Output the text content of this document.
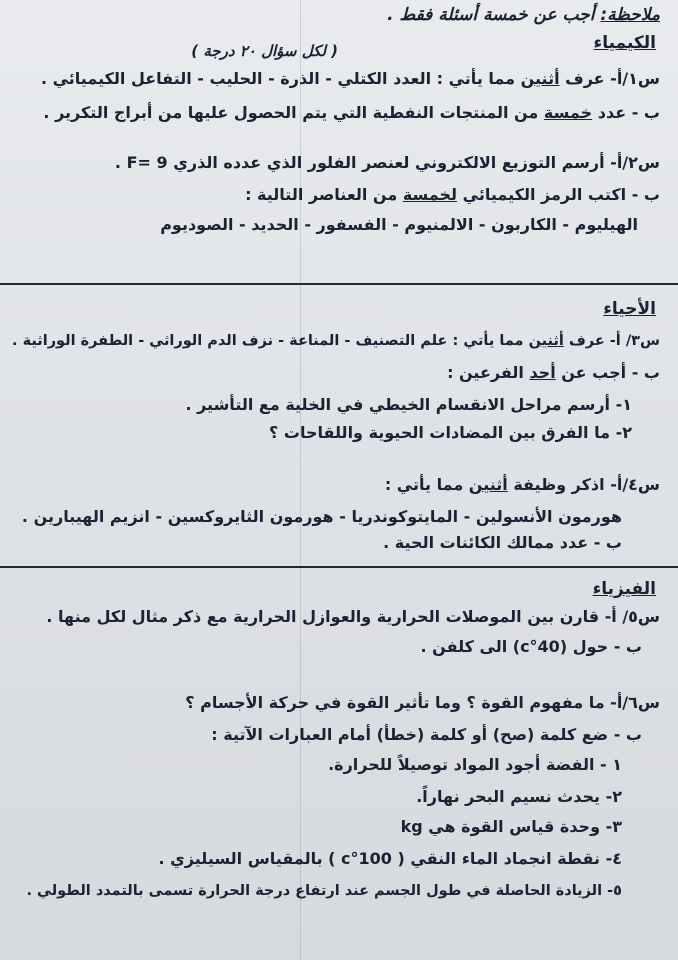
ملاحظة: أجب عن خمسة أسئلة فقط .
الكيمياء
( لكل سؤال ٢٠ درجة )
س١/أ- عرف أثنين مما يأتي : العدد الكتلي - الذرة - الحليب - التفاعل الكيميائي .
ب - عدد خمسة من المنتجات النفطية التي يتم الحصول عليها من أبراج التكرير .
س٢/أ- أرسم التوزيع الالكتروني لعنصر الفلور الذي عدده الذري F= 9 .
ب - اكتب الرمز الكيميائي لخمسة من العناصر التالية :
الهيليوم - الكاربون - الالمنيوم - الفسفور - الحديد - الصوديوم
الأحياء
س٣/ أ- عرف أثنين مما يأتي : علم التصنيف - المناعة - نزف الدم الوراثي - الطفرة الوراثية .
ب - أجب عن أحد الفرعين :
١- أرسم مراحل الانقسام الخيطي في الخلية مع التأشير .
٢- ما الفرق بين المضادات الحيوية واللقاحات ؟
س٤/أ- اذكر وظيفة أثنين مما يأتي :
هورمون الأنسولين - المايتوكوندريا - هورمون الثايروكسين - انزيم الهيبارين .
ب - عدد ممالك الكائنات الحية .
الفيزياء
س٥/ أ- قارن بين الموصلات الحرارية والعوازل الحرارية مع ذكر مثال لكل منها .
ب - حول (40°c) الى كلفن .
س٦/أ- ما مفهوم القوة ؟ وما تأثير القوة في حركة الأجسام ؟
ب - ضع كلمة (صح) أو كلمة (خطأ) أمام العبارات الآتية :
١ - الفضة أجود المواد توصيلاً للحرارة.
٢- يحدث نسيم البحر نهاراً.
٣- وحدة قياس القوة هي kg
٤- نقطة انجماد الماء النقي ( 100°c ) بالمقياس السيليزي .
٥- الزيادة الحاصلة في طول الجسم عند ارتفاع درجة الحرارة تسمى بالتمدد الطولي .
